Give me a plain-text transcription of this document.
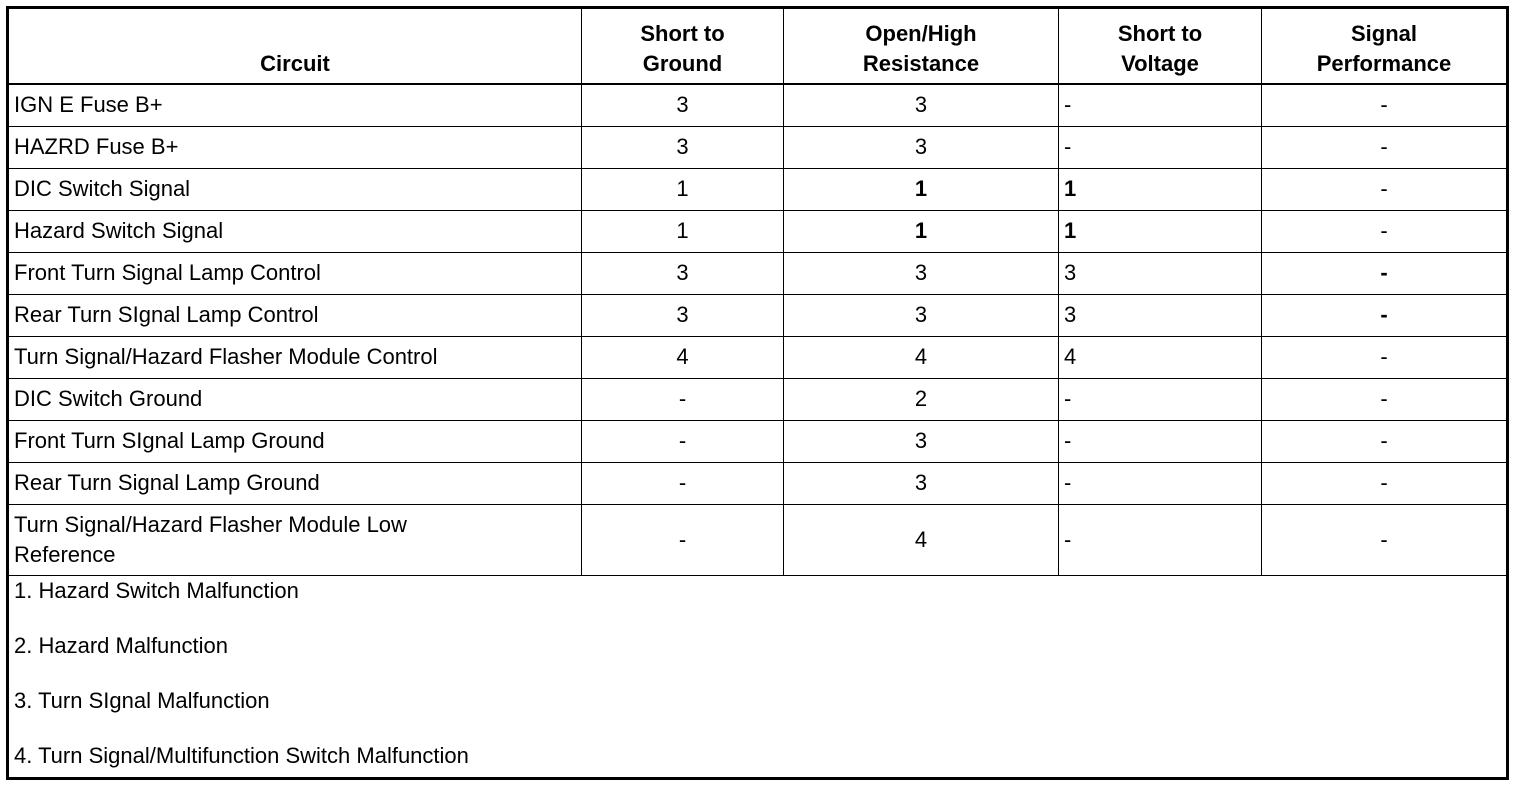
Circuit	Short to Ground	Open/High Resistance	Short to Voltage	Signal Performance
IGN E Fuse B+	3	3	-	-
HAZRD Fuse B+	3	3	-	-
DIC Switch Signal	1	1	1	-
Hazard Switch Signal	1	1	1	-
Front Turn Signal Lamp Control	3	3	3	-
Rear Turn SIgnal Lamp Control	3	3	3	-
Turn Signal/Hazard Flasher Module Control	4	4	4	-
DIC Switch Ground	-	2	-	-
Front Turn SIgnal Lamp Ground	-	3	-	-
Rear Turn Signal Lamp Ground	-	3	-	-
Turn Signal/Hazard Flasher Module Low Reference	-	4	-	-

1. Hazard Switch Malfunction
2. Hazard Malfunction
3. Turn SIgnal Malfunction
4. Turn Signal/Multifunction Switch Malfunction				
